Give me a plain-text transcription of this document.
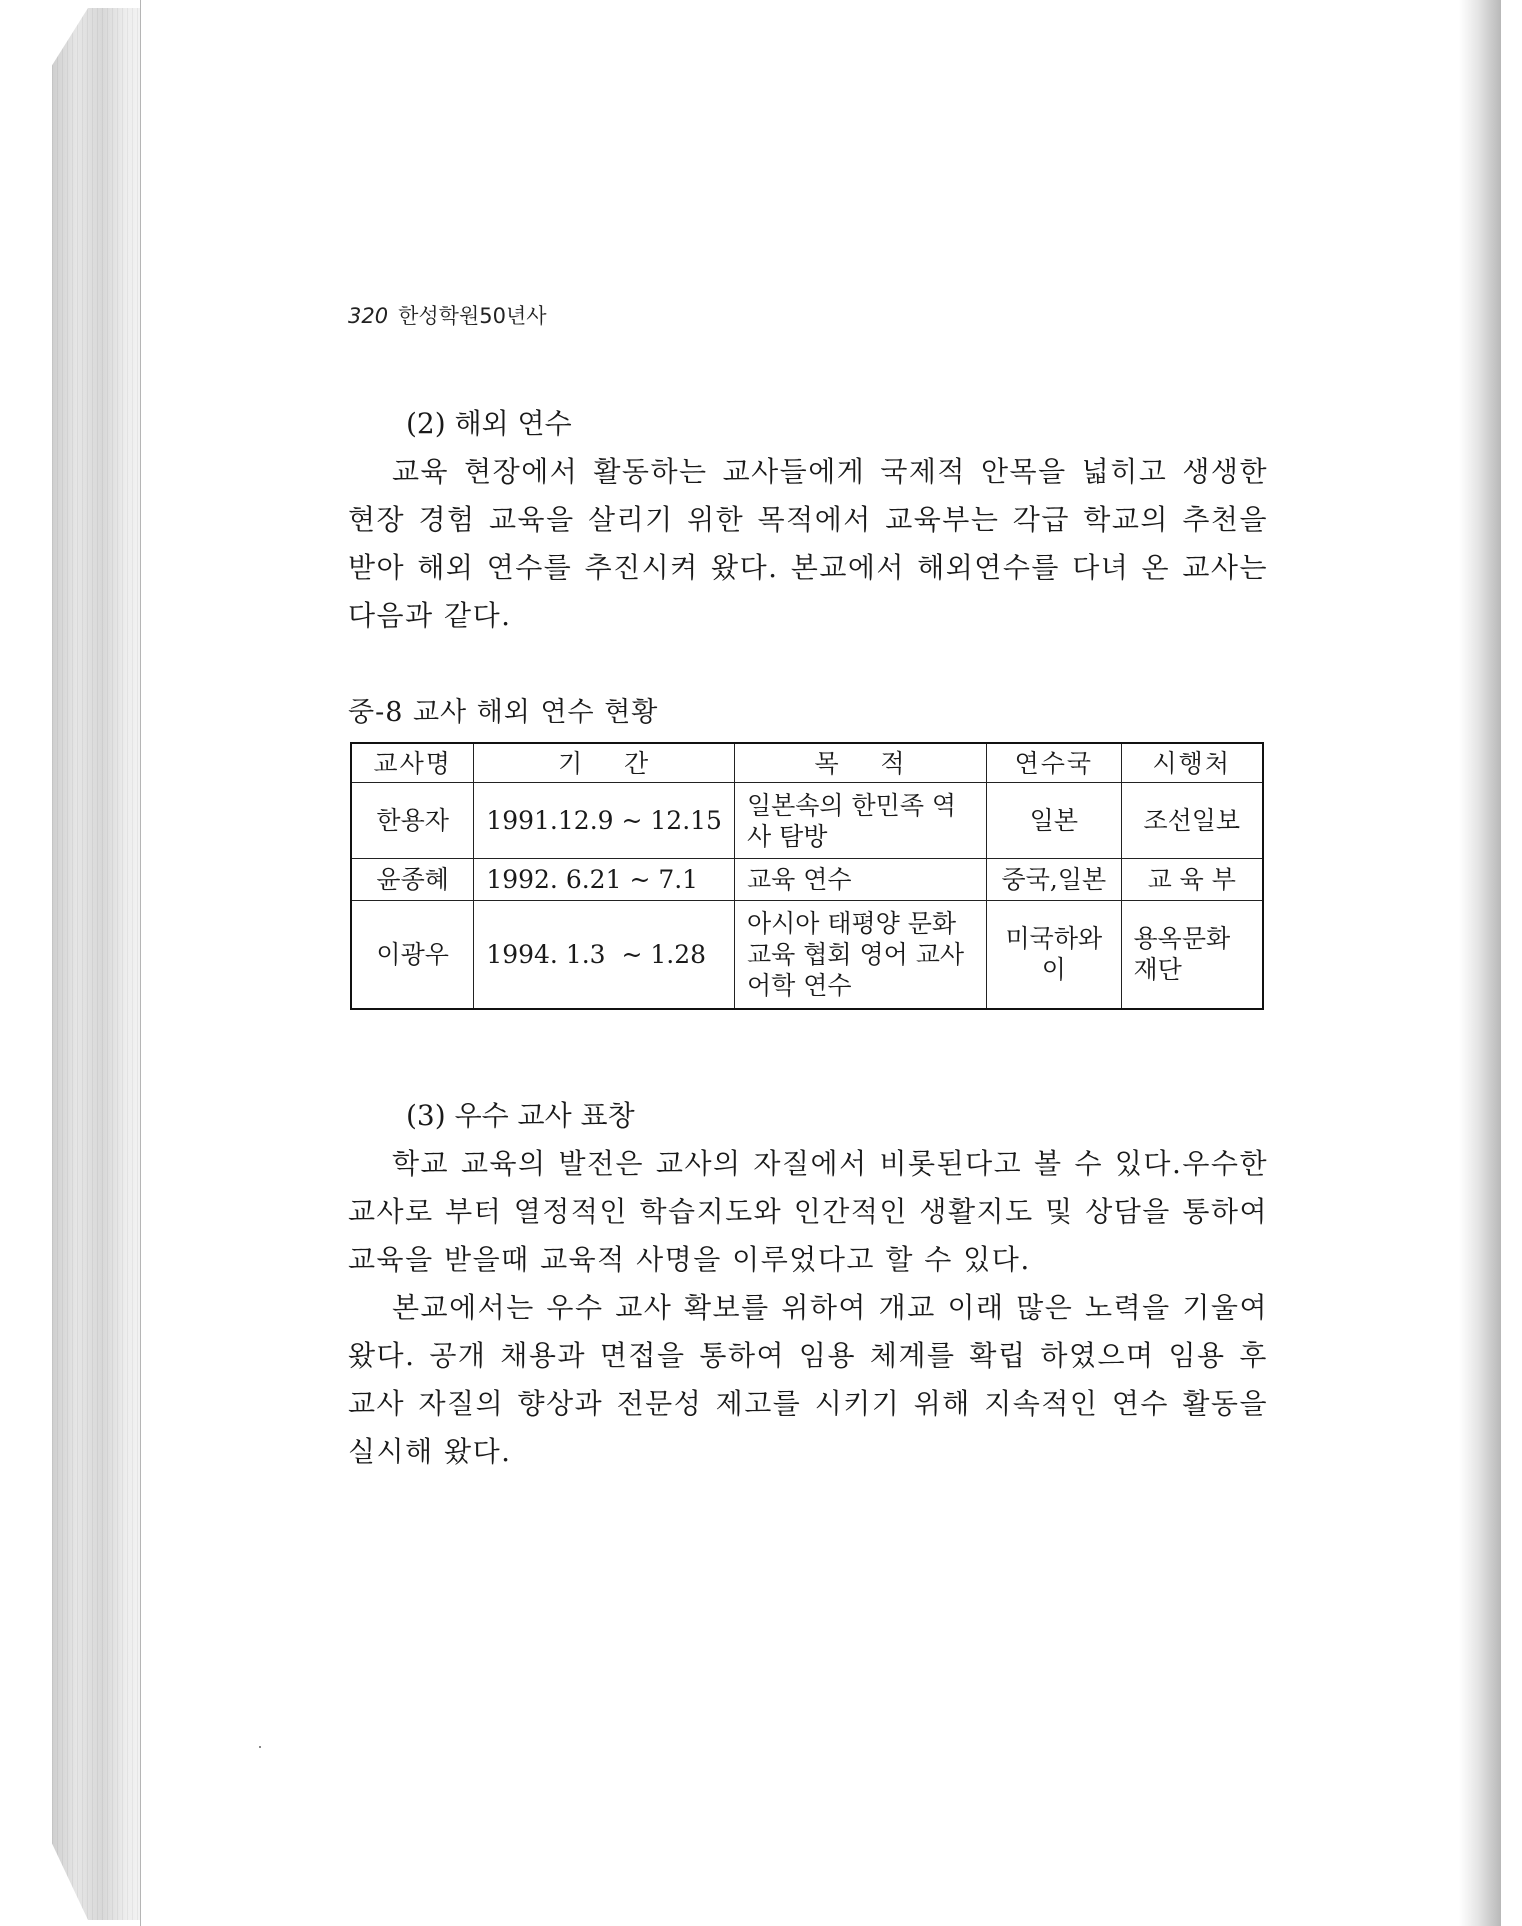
320 한성학원50년사

(2) 해외 연수

교육 현장에서 활동하는 교사들에게 국제적 안목을 넓히고 생생한 현장 경험 교육을 살리기 위한 목적에서 교육부는 각급 학교의 추천을 받아 해외 연수를 추진시켜 왔다. 본교에서 해외연수를 다녀 온 교사는 다음과 같다.

중-8 교사 해외 연수 현황
교사명	기    간	목    적	연수국	시행처
한용자	1991.12.9 ~ 12.15	일본속의 한민족 역사 탐방	일본	조선일보
윤종혜	1992. 6.21 ~ 7.1	교육 연수	중국,일본	교 육 부
이광우	1994. 1.3  ~ 1.28	아시아 태평양 문화 교육 협회 영어 교사 어학 연수	미국하와이	용옥문화재단

(3) 우수 교사 표창

학교 교육의 발전은 교사의 자질에서 비롯된다고 볼 수 있다.우수한 교사로 부터 열정적인 학습지도와 인간적인 생활지도 및 상담을 통하여 교육을 받을때 교육적 사명을 이루었다고 할 수 있다.

본교에서는 우수 교사 확보를 위하여 개교 이래 많은 노력을 기울여 왔다. 공개 채용과 면접을 통하여 임용 체계를 확립 하였으며 임용 후 교사 자질의 향상과 전문성 제고를 시키기 위해 지속적인 연수 활동을 실시해 왔다.
